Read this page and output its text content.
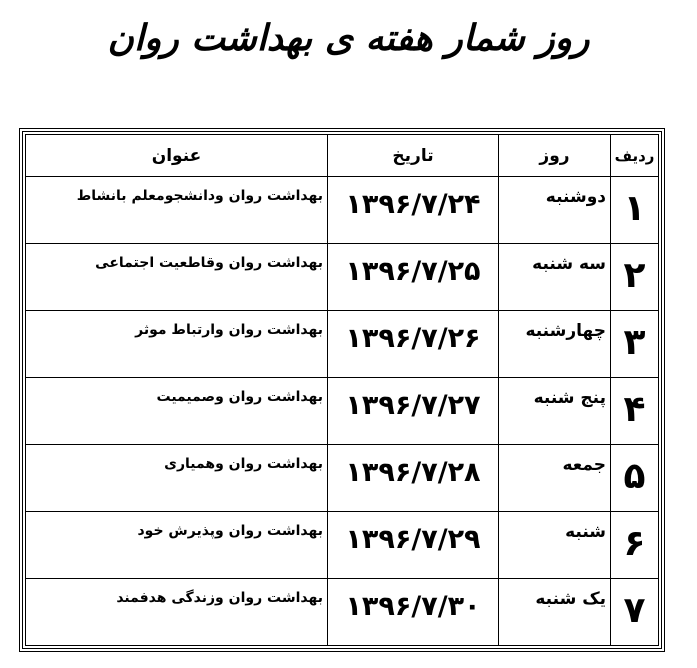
روز شمار هفته ی بهداشت روان
ردیف	روز	تاریخ	عنوان
۱	دوشنبه	۱۳۹۶/۷/۲۴	بهداشت روان ودانشجومعلم بانشاط
۲	سه شنبه	۱۳۹۶/۷/۲۵	بهداشت روان وقاطعیت اجتماعی
۳	چهارشنبه	۱۳۹۶/۷/۲۶	بهداشت روان وارتباط موثر
۴	پنج شنبه	۱۳۹۶/۷/۲۷	بهداشت روان وصمیمیت
۵	جمعه	۱۳۹۶/۷/۲۸	بهداشت روان وهمیاری
۶	شنبه	۱۳۹۶/۷/۲۹	بهداشت روان وپذیرش خود
۷	یک شنبه	۱۳۹۶/۷/۳۰	بهداشت روان وزندگی هدفمند
